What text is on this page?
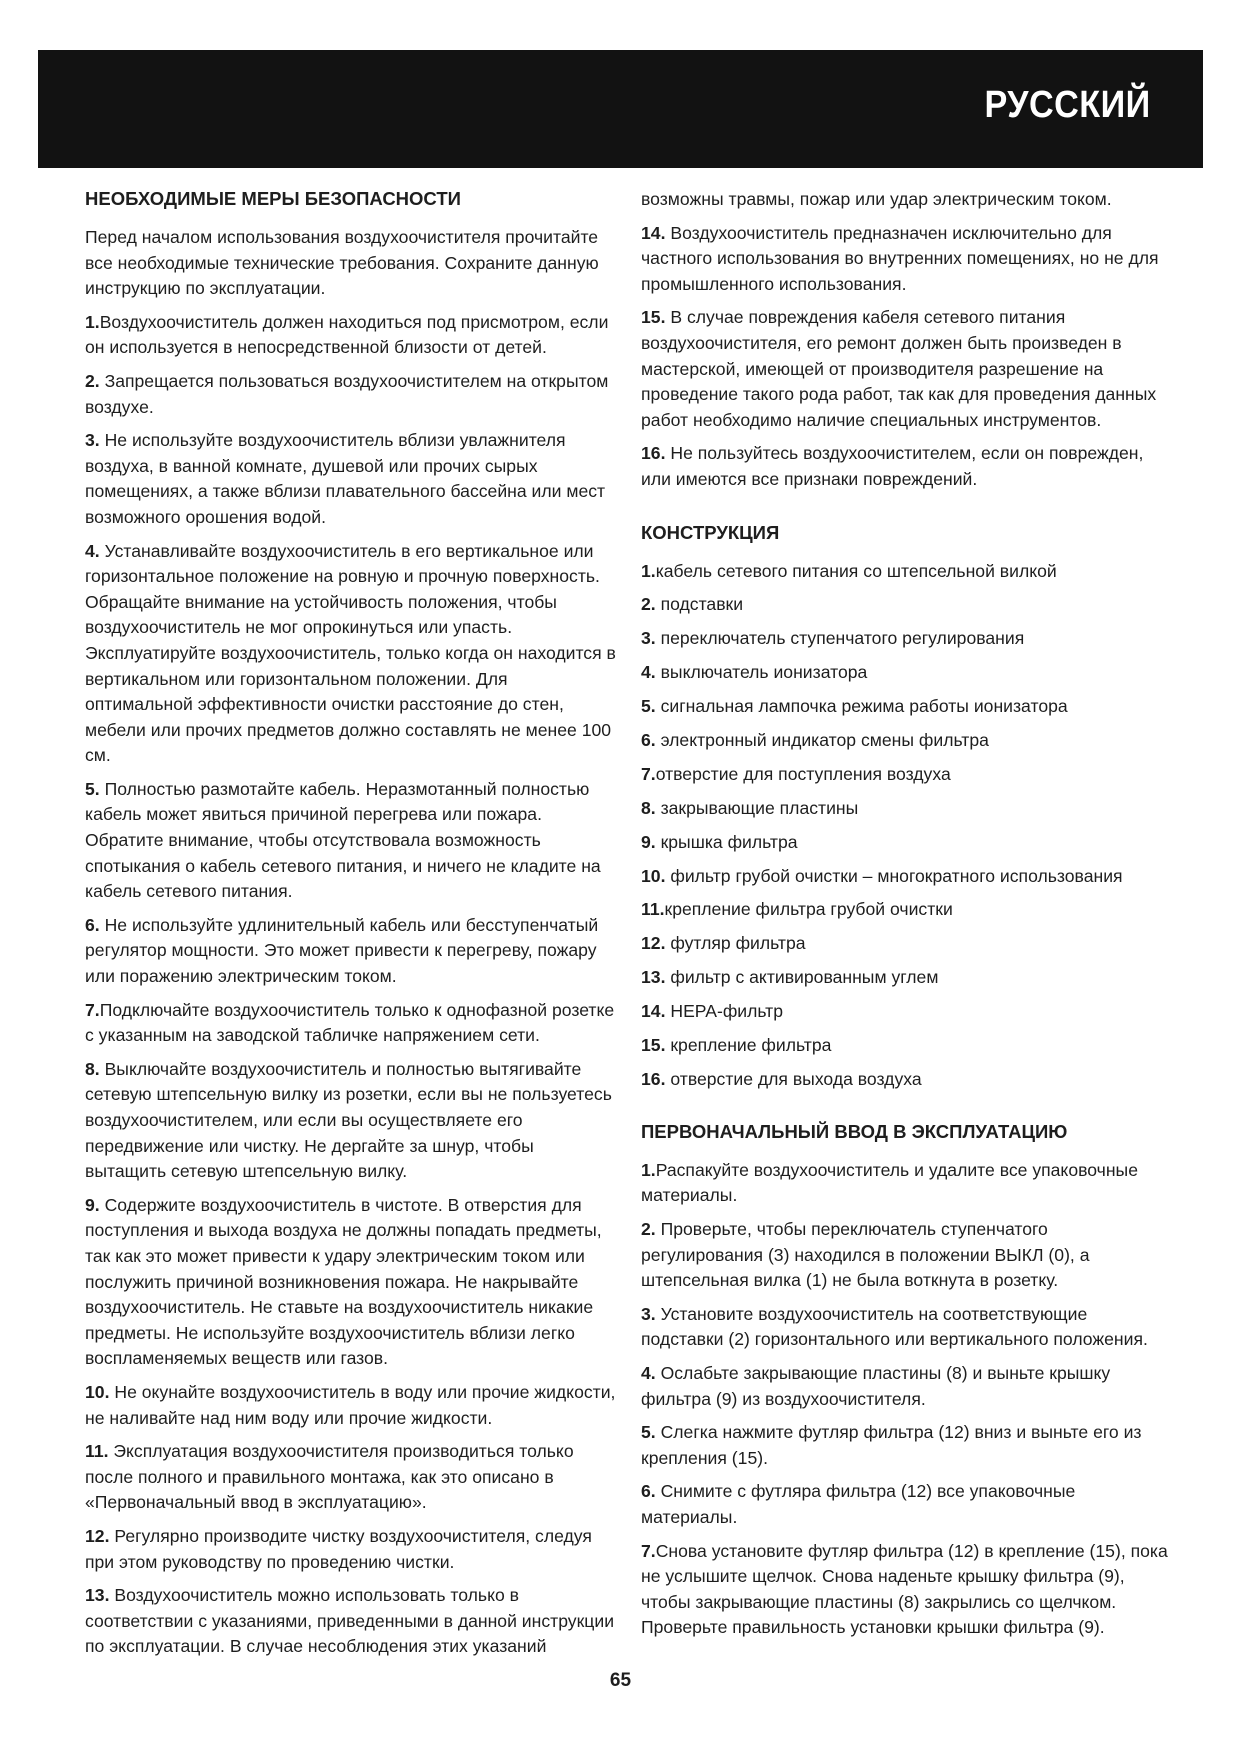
РУССКИЙ
НЕОБХОДИМЫЕ МЕРЫ БЕЗОПАСНОСТИ
Перед началом использования воздухоочистителя прочитайте все необходимые технические требования. Сохраните данную инструкцию по эксплуатации.
1.Воздухоочиститель должен находиться под присмотром, если он используется в непосредственной близости от детей.
2. Запрещается пользоваться воздухоочистителем на открытом воздухе.
3. Не используйте воздухоочиститель вблизи увлажнителя воздуха, в ванной комнате, душевой или прочих сырых помещениях, а также вблизи плавательного бассейна или мест возможного орошения водой.
4. Устанавливайте воздухоочиститель в его вертикальное или горизонтальное положение на ровную и прочную поверхность. Обращайте внимание на устойчивость положения, чтобы воздухоочиститель не мог опрокинуться или упасть. Эксплуатируйте воздухоочиститель, только когда он находится в вертикальном или горизонтальном положении. Для оптимальной эффективности очистки расстояние до стен, мебели или прочих предметов должно составлять не менее 100 см.
5. Полностью размотайте кабель. Неразмотанный полностью кабель может явиться причиной перегрева или пожара. Обратите внимание, чтобы отсутствовала возможность спотыкания о кабель сетевого питания, и ничего не кладите на кабель сетевого питания.
6. Не используйте удлинительный кабель или бесступенчатый регулятор мощности. Это может привести к перегреву, пожару или поражению электрическим током.
7.Подключайте воздухоочиститель только к однофазной розетке с указанным на заводской табличке напряжением сети.
8. Выключайте воздухоочиститель и полностью вытягивайте сетевую штепсельную вилку из розетки, если вы не пользуетесь воздухоочистителем, или если вы осуществляете его передвижение или чистку. Не дергайте за шнур, чтобы вытащить сетевую штепсельную вилку.
9. Содержите воздухоочиститель в чистоте. В отверстия для поступления и выхода воздуха не должны попадать предметы, так как это может привести к удару электрическим током или послужить причиной возникновения пожара. Не накрывайте воздухоочиститель. Не ставьте на воздухоочиститель никакие предметы. Не используйте воздухоочиститель вблизи легко воспламеняемых веществ или газов.
10. Не окунайте воздухоочиститель в воду или прочие жидкости, не наливайте над ним воду или прочие жидкости.
11. Эксплуатация воздухоочистителя производиться только после полного и правильного монтажа, как это описано в «Первоначальный ввод в эксплуатацию».
12. Регулярно производите чистку воздухоочистителя, следуя при этом руководству по проведению чистки.
13. Воздухоочиститель можно использовать только в соответствии с указаниями, приведенными в данной инструкции по эксплуатации. В случае несоблюдения этих указаний
возможны травмы, пожар или удар электрическим током.
14. Воздухоочиститель предназначен исключительно для частного использования во внутренних помещениях, но не для промышленного использования.
15. В случае повреждения кабеля сетевого питания воздухоочистителя, его ремонт должен быть произведен в мастерской, имеющей от производителя разрешение на проведение такого рода работ, так как для проведения данных работ необходимо наличие специальных инструментов.
16. Не пользуйтесь воздухоочистителем, если он поврежден, или имеются все признаки повреждений.
КОНСТРУКЦИЯ
1.кабель сетевого питания со штепсельной вилкой
2. подставки
3. переключатель ступенчатого регулирования
4. выключатель ионизатора
5. сигнальная лампочка режима работы ионизатора
6. электронный индикатор смены фильтра
7.отверстие для поступления воздуха
8. закрывающие пластины
9. крышка фильтра
10. фильтр грубой очистки – многократного использования
11.крепление фильтра грубой очистки
12. футляр фильтра
13. фильтр с активированным углем
14. HEPA-фильтр
15. крепление фильтра
16. отверстие для выхода воздуха
ПЕРВОНАЧАЛЬНЫЙ ВВОД В ЭКСПЛУАТАЦИЮ
1.Распакуйте воздухоочиститель и удалите все упаковочные материалы.
2. Проверьте, чтобы переключатель ступенчатого регулирования (3) находился в положении ВЫКЛ (0), а штепсельная вилка (1) не была воткнута в розетку.
3. Установите воздухоочиститель на соответствующие подставки (2) горизонтального или вертикального положения.
4. Ослабьте закрывающие пластины (8) и выньте крышку фильтра (9) из воздухоочистителя.
5. Слегка нажмите футляр фильтра (12) вниз и выньте его из крепления (15).
6. Снимите с футляра фильтра (12) все упаковочные материалы.
7.Снова установите футляр фильтра (12) в крепление (15), пока не услышите щелчок. Снова наденьте крышку фильтра (9), чтобы закрывающие пластины (8) закрылись со щелчком. Проверьте правильность установки крышки фильтра (9).
65
